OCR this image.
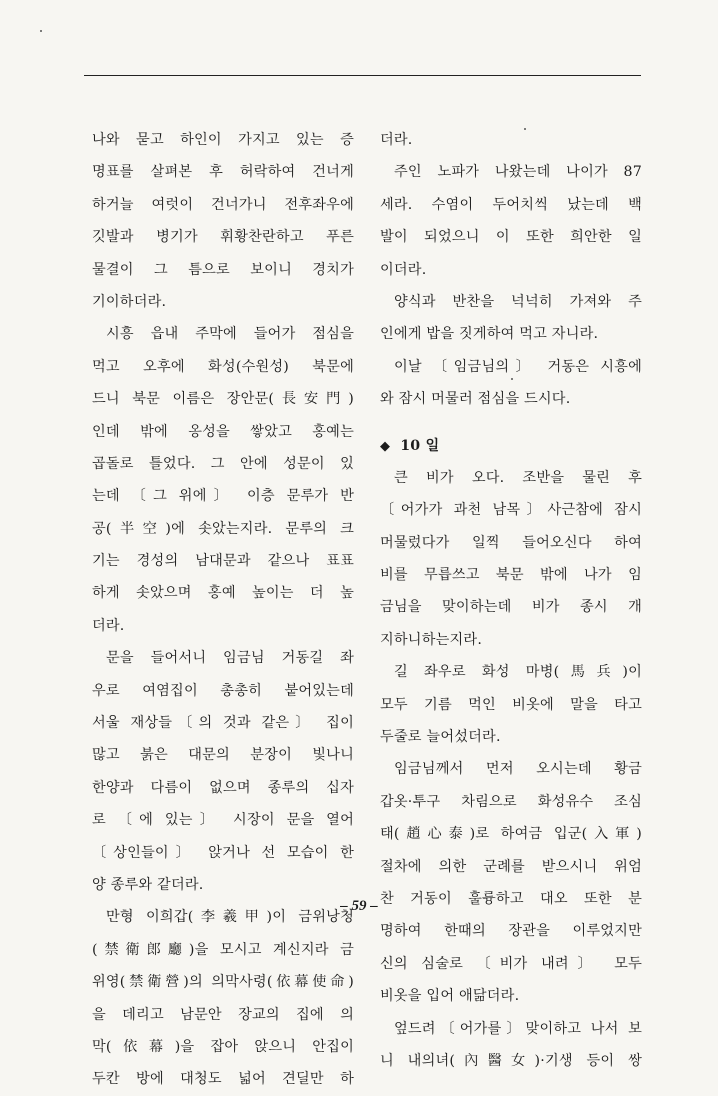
나와 묻고 하인이 가지고 있는 증
명표를 살펴본 후 허락하여 건너게
하거늘 여럿이 건너가니 전후좌우에
깃발과 병기가 휘황찬란하고 푸른
물결이 그 틈으로 보이니 경치가
기이하더라.
시흥 읍내 주막에 들어가 점심을
먹고 오후에 화성(수원성) 북문에
드니 북문 이름은 장안문(長安門)
인데 밖에 옹성을 쌓았고 홍예는
곱돌로 틀었다. 그 안에 성문이 있
는데 〔그 위에〕 이층 문루가 반
공(半空)에 솟았는지라. 문루의 크
기는 경성의 남대문과 같으나 표표
하게 솟았으며 홍예 높이는 더 높
더라.
문을 들어서니 임금님 거동길 좌
우로 여염집이 총총히 붙어있는데
서울 재상들〔의 것과 같은〕 집이
많고 붉은 대문의 분장이 빛나니
한양과 다름이 없으며 종루의 십자
로 〔에 있는〕 시장이 문을 열어
〔상인들이〕 앉거나 선 모습이 한
양 종루와 같더라.
만형 이희갑(李羲甲)이 금위낭청
(禁衛郎廳)을 모시고 계신지라 금
위영(禁衛營)의 의막사령(依幕使命)
을 데리고 남문안 장교의 집에 의
막(依幕)을 잡아 앉으니 안집이
두칸 방에 대청도 넓어 견딜만 하
더라.
주인 노파가 나왔는데 나이가 87
세라. 수염이 두어치씩 났는데 백
발이 되었으니 이 또한 희안한 일
이더라.
양식과 반찬을 넉넉히 가져와 주
인에게 밥을 짓게하여 먹고 자니라.
이날 〔임금님의〕 거동은 시흥에
와 잠시 머물러 점심을 드시다.
◆ 10 일
큰 비가 오다. 조반을 물린 후
〔어가가 과천 남목〕사근참에 잠시
머물렀다가 일찍 들어오신다 하여
비를 무릅쓰고 북문 밖에 나가 임
금님을 맞이하는데 비가 종시 개
지하니하는지라.
길 좌우로 화성 마병(馬兵)이
모두 기름 먹인 비옷에 말을 타고
두줄로 늘어섰더라.
임금님께서 먼저 오시는데 황금
갑옷·투구 차림으로 화성유수 조심
태(趙心泰)로 하여금 입군(入軍)
절차에 의한 군례를 받으시니 위엄
찬 거동이 훌륭하고 대오 또한 분
명하여 한때의 장관을 이루었지만
신의 심술로 〔비가 내려〕 모두
비옷을 입어 애닮더라.
엎드려〔어가를〕맞이하고 나서 보
니 내의녀(內醫女)·기생 등이 쌍
– 59 –
